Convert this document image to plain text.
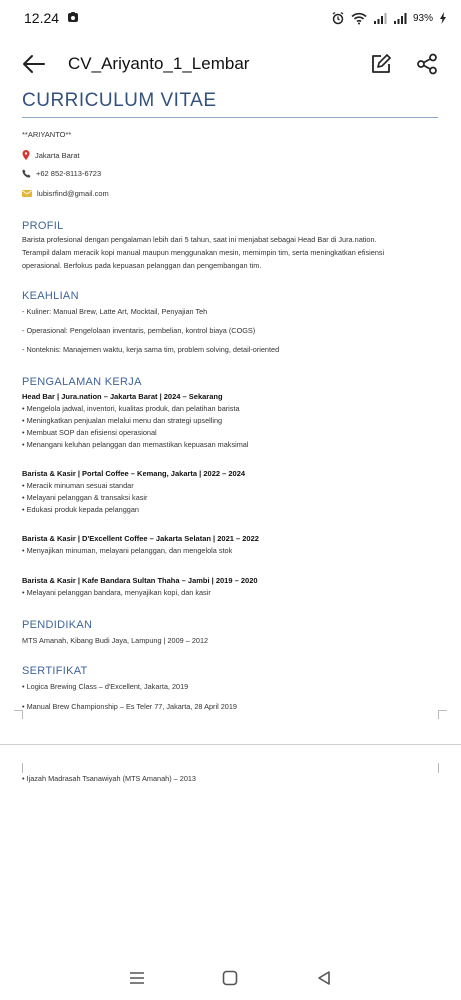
12.24	93%
CV_Ariyanto_1_Lembar
CURRICULUM VITAE
**ARIYANTO**
Jakarta Barat
+62 852-8113-6723
lubisrfind@gmail.com
PROFIL
Barista profesional dengan pengalaman lebih dari 5 tahun, saat ini menjabat sebagai Head Bar di Jura.nation.
Terampil dalam meracik kopi manual maupun menggunakan mesin, memimpin tim, serta meningkatkan efisiensi
operasional. Berfokus pada kepuasan pelanggan dan pengembangan tim.
KEAHLIAN
- Kuliner: Manual Brew, Latte Art, Mocktail, Penyajian Teh
- Operasional: Pengelolaan inventaris, pembelian, kontrol biaya (COGS)
- Nonteknis: Manajemen waktu, kerja sama tim, problem solving, detail-oriented
PENGALAMAN KERJA
Head Bar | Jura.nation – Jakarta Barat | 2024 – Sekarang
• Mengelola jadwal, inventori, kualitas produk, dan pelatihan barista
• Meningkatkan penjualan melalui menu dan strategi upselling
• Membuat SOP dan efisiensi operasional
• Menangani keluhan pelanggan dan memastikan kepuasan maksimal
Barista & Kasir | Portal Coffee – Kemang, Jakarta | 2022 – 2024
• Meracik minuman sesuai standar
• Melayani pelanggan & transaksi kasir
• Edukasi produk kepada pelanggan
Barista & Kasir | D'Excellent Coffee – Jakarta Selatan | 2021 – 2022
• Menyajikan minuman, melayani pelanggan, dan mengelola stok
Barista & Kasir | Kafe Bandara Sultan Thaha – Jambi | 2019 – 2020
• Melayani pelanggan bandara, menyajikan kopi, dan kasir
PENDIDIKAN
MTS Amanah, Kibang Budi Jaya, Lampung | 2009 – 2012
SERTIFIKAT
• Logica Brewing Class – d'Excellent, Jakarta, 2019
• Manual Brew Championship – Es Teler 77, Jakarta, 28 April 2019
• Ijazah Madrasah Tsanawiyah (MTS Amanah) – 2013
